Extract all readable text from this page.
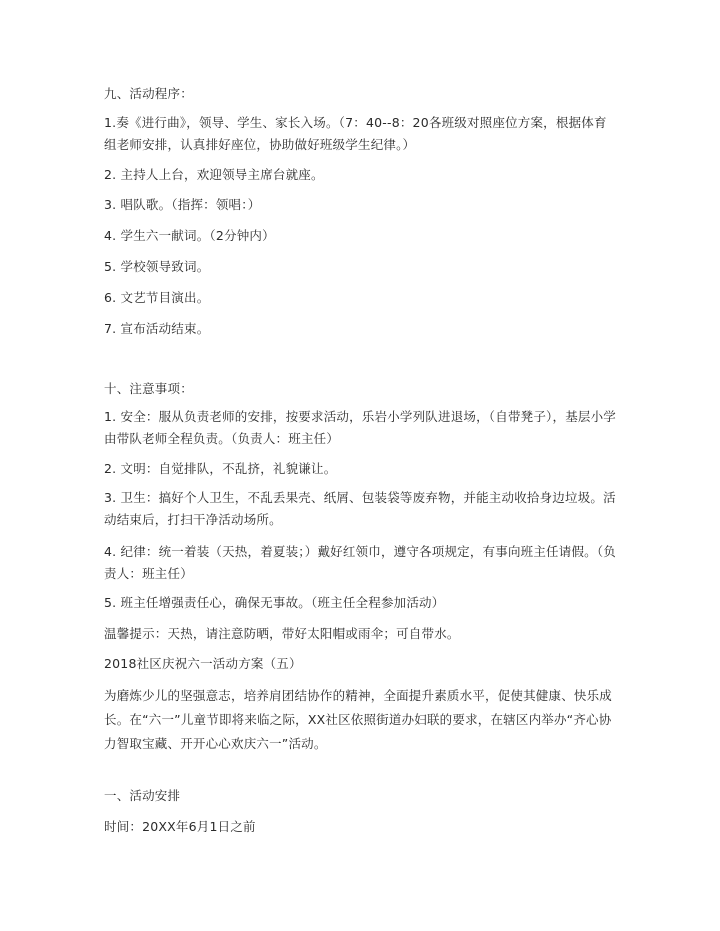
九、活动程序：
1.奏《进行曲》，领导、学生、家长入场。（7：40--8：20各班级对照座位方案，根据体育组老师安排，认真排好座位，协助做好班级学生纪律。）
2. 主持人上台，欢迎领导主席台就座。
3. 唱队歌。（指挥：领唱：）
4. 学生六一献词。（2分钟内）
5. 学校领导致词。
6. 文艺节目演出。
7. 宣布活动结束。
十、注意事项：
1. 安全：服从负责老师的安排，按要求活动，乐岩小学列队进退场，（自带凳子），基层小学由带队老师全程负责。（负责人：班主任）
2. 文明：自觉排队，不乱挤，礼貌谦让。
3. 卫生：搞好个人卫生，不乱丢果壳、纸屑、包装袋等废弃物，并能主动收拾身边垃圾。活动结束后，打扫干净活动场所。
4. 纪律：统一着装（天热，着夏装；）戴好红领巾，遵守各项规定，有事向班主任请假。（负责人：班主任）
5. 班主任增强责任心，确保无事故。（班主任全程参加活动）
温馨提示：天热，请注意防晒，带好太阳帽或雨伞；可自带水。
2018社区庆祝六一活动方案（五）
为磨炼少儿的坚强意志，培养肩团结协作的精神，全面提升素质水平，促使其健康、快乐成长。在“六一”儿童节即将来临之际，XX社区依照街道办妇联的要求，在辖区内举办“齐心协力智取宝藏、开开心心欢庆六一”活动。
一、活动安排
时间：20XX年6月1日之前
